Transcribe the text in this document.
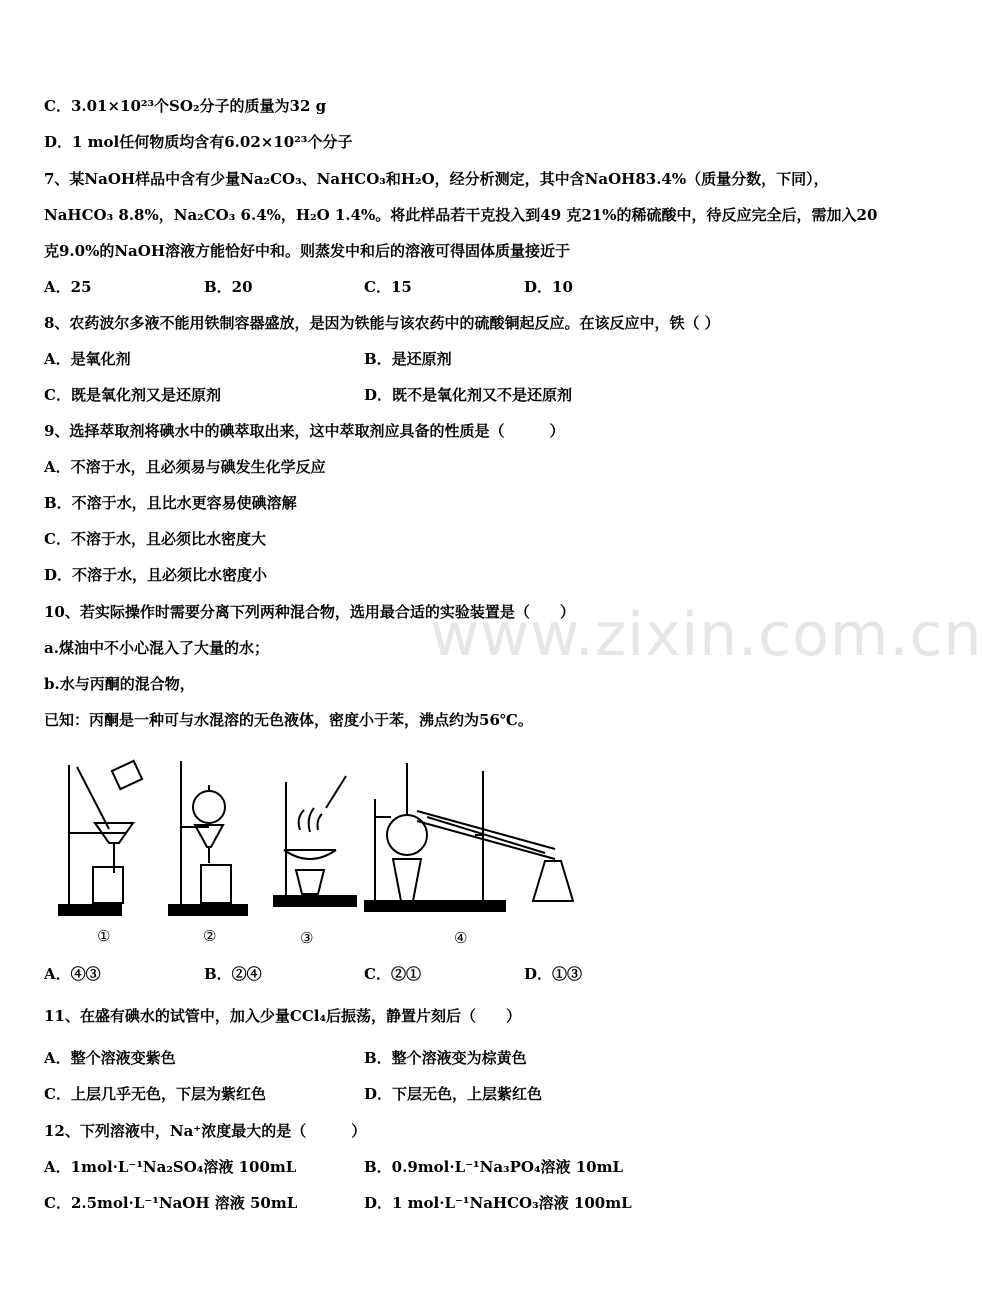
www.zixin.com.cn
C．3.01×10²³个SO₂分子的质量为32 g
D．1 mol任何物质均含有6.02×10²³个分子
7、某NaOH样品中含有少量Na₂CO₃、NaHCO₃和H₂O，经分析测定，其中含NaOH83.4%（质量分数，下同），
NaHCO₃ 8.8%，Na₂CO₃ 6.4%，H₂O 1.4%。将此样品若干克投入到49 克21%的稀硫酸中，待反应完全后，需加入20
克9.0%的NaOH溶液方能恰好中和。则蒸发中和后的溶液可得固体质量接近于
A．25	B．20	C．15	D．10
8、农药波尔多液不能用铁制容器盛放，是因为铁能与该农药中的硫酸铜起反应。在该反应中，铁（ ）
A．是氧化剂	B．是还原剂
C．既是氧化剂又是还原剂	D．既不是氧化剂又不是还原剂
9、选择萃取剂将碘水中的碘萃取出来，这中萃取剂应具备的性质是（　　　）
A．不溶于水，且必须易与碘发生化学反应
B．不溶于水，且比水更容易使碘溶解
C．不溶于水，且必须比水密度大
D．不溶于水，且必须比水密度小
10、若实际操作时需要分离下列两种混合物，选用最合适的实验装置是（　　）
a.煤油中不小心混入了大量的水；
b.水与丙酮的混合物，
已知：丙酮是一种可与水混溶的无色液体，密度小于苯，沸点约为56℃。
①	②	③	④
A．④③	B．②④	C．②①	D．①③
11、在盛有碘水的试管中，加入少量CCl₄后振荡，静置片刻后（　　）
A．整个溶液变紫色	B．整个溶液变为棕黄色
C．上层几乎无色，下层为紫红色	D．下层无色，上层紫红色
12、下列溶液中，Na⁺浓度最大的是（　　　）
A．1mol·L⁻¹Na₂SO₄溶液 100mL	B．0.9mol·L⁻¹Na₃PO₄溶液 10mL
C．2.5mol·L⁻¹NaOH 溶液 50mL	D．1 mol·L⁻¹NaHCO₃溶液 100mL
